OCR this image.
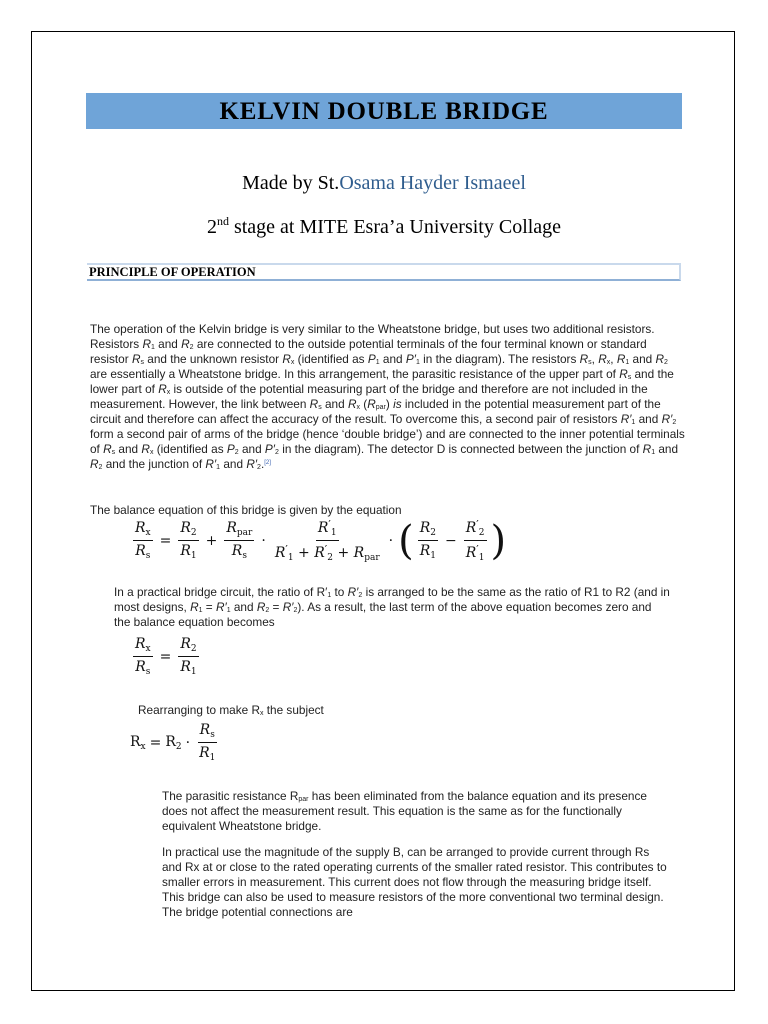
KELVIN DOUBLE BRIDGE
Made by St.Osama Hayder Ismaeel
2nd stage at MITE Esra’a University Collage
PRINCIPLE OF OPERATION
The operation of the Kelvin bridge is very similar to the Wheatstone bridge, but uses two additional resistors. Resistors $R_1$ and $R_2$ are connected to the outside potential terminals of the four terminal known or standard resistor $R_s$ and the unknown resistor $R_x$ (identified as $P_1$ and $P'_1$ in the diagram). The resistors $R_s$, $R_x$, $R_1$ and $R_2$ are essentially a Wheatstone bridge. In this arrangement, the parasitic resistance of the upper part of $R_s$ and the lower part of $R_x$ is outside of the potential measuring part of the bridge and therefore are not included in the measurement. However, the link between $R_s$ and $R_x$ $(R_{par})$ is included in the potential measurement part of the circuit and therefore can affect the accuracy of the result. To overcome this, a second pair of resistors $R'_1$ and $R'_2$ form a second pair of arms of the bridge (hence ‘double bridge’) and are connected to the inner potential terminals of $R_s$ and $R_x$ (identified as $P_2$ and $P'_2$ in the diagram). The detector D is connected between the junction of $R_1$ and $R_2$ and the junction of $R'_1$ and $R'_2.[2]$
The balance equation of this bridge is given by the equation
$\frac{R_x}{R_s} = \frac{R_2}{R_1} + \frac{R_{par}}{R_s} \cdot \frac{R'_1}{R'_1 + R'_2 + R_{par}}$ · ( $\frac{R_2}{R_1} - \frac{R'_2}{R'_1}$ )
In a practical bridge circuit, the ratio of $R'_1$ to $R'_2$ is arranged to be the same as the ratio of R1 to R2 (and in most designs, $R_1 = R'_1$ and $R_2 = R'_2$). As a result, the last term of the above equation becomes zero and the balance equation becomes
$\frac{R_x}{R_s} = \frac{R_2}{R_1}$
Rearranging to make $R_x$ the subject
$R_x = R_2 \cdot \frac{R_s}{R_1}$
The parasitic resistance $R_{par}$ has been eliminated from the balance equation and its presence does not affect the measurement result. This equation is the same as for the functionally equivalent Wheatstone bridge.
In practical use the magnitude of the supply B, can be arranged to provide current through Rs and Rx at or close to the rated operating currents of the smaller rated resistor. This contributes to smaller errors in measurement. This current does not flow through the measuring bridge itself. This bridge can also be used to measure resistors of the more conventional two terminal design. The bridge potential connections are
